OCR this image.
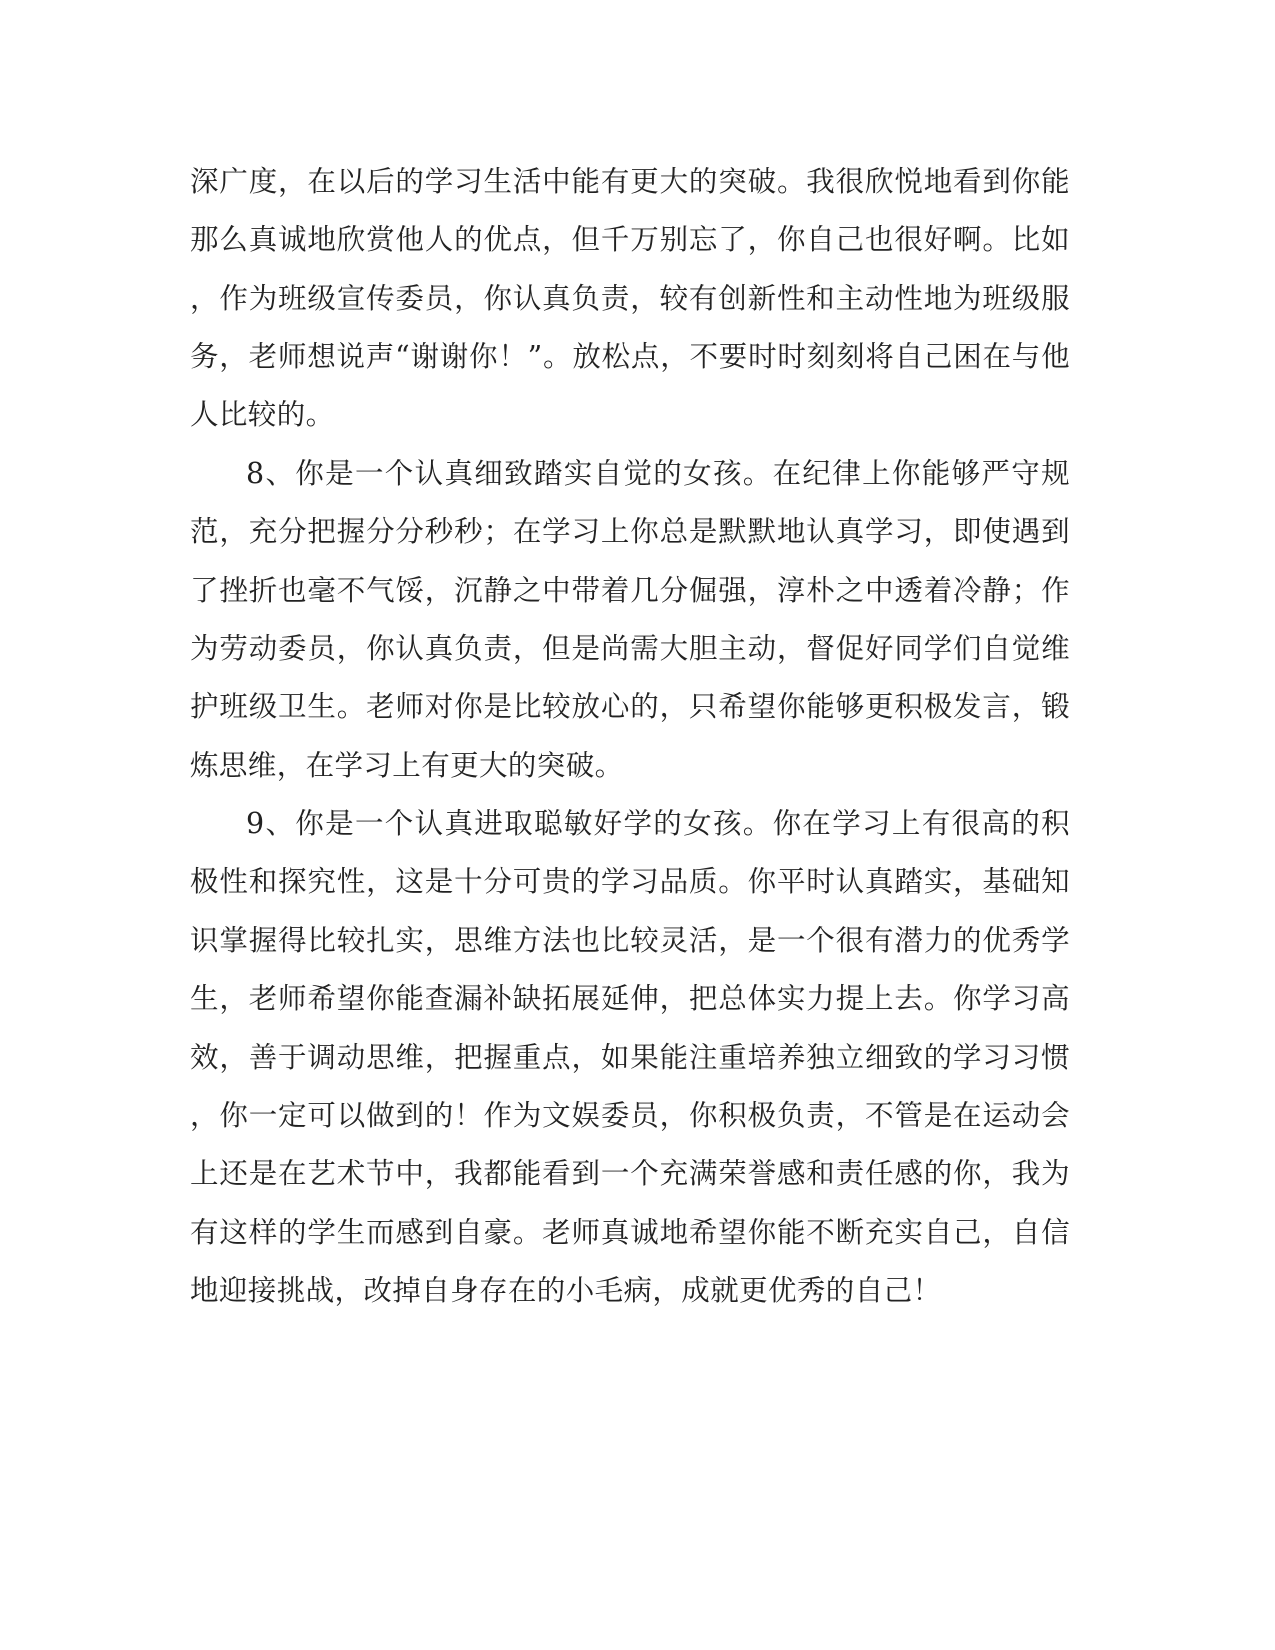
深广度，在以后的学习生活中能有更大的突破。我很欣悦地看到你能
那么真诚地欣赏他人的优点，但千万别忘了，你自己也很好啊。比如
，作为班级宣传委员，你认真负责，较有创新性和主动性地为班级服
务，老师想说声“谢谢你！”。放松点，不要时时刻刻将自己困在与他
人比较的。
8、你是一个认真细致踏实自觉的女孩。在纪律上你能够严守规
范，充分把握分分秒秒；在学习上你总是默默地认真学习，即使遇到
了挫折也毫不气馁，沉静之中带着几分倔强，淳朴之中透着冷静；作
为劳动委员，你认真负责，但是尚需大胆主动，督促好同学们自觉维
护班级卫生。老师对你是比较放心的，只希望你能够更积极发言，锻
炼思维，在学习上有更大的突破。
9、你是一个认真进取聪敏好学的女孩。你在学习上有很高的积
极性和探究性，这是十分可贵的学习品质。你平时认真踏实，基础知
识掌握得比较扎实，思维方法也比较灵活，是一个很有潜力的优秀学
生，老师希望你能查漏补缺拓展延伸，把总体实力提上去。你学习高
效，善于调动思维，把握重点，如果能注重培养独立细致的学习习惯
，你一定可以做到的！作为文娱委员，你积极负责，不管是在运动会
上还是在艺术节中，我都能看到一个充满荣誉感和责任感的你，我为
有这样的学生而感到自豪。老师真诚地希望你能不断充实自己，自信
地迎接挑战，改掉自身存在的小毛病，成就更优秀的自己！
